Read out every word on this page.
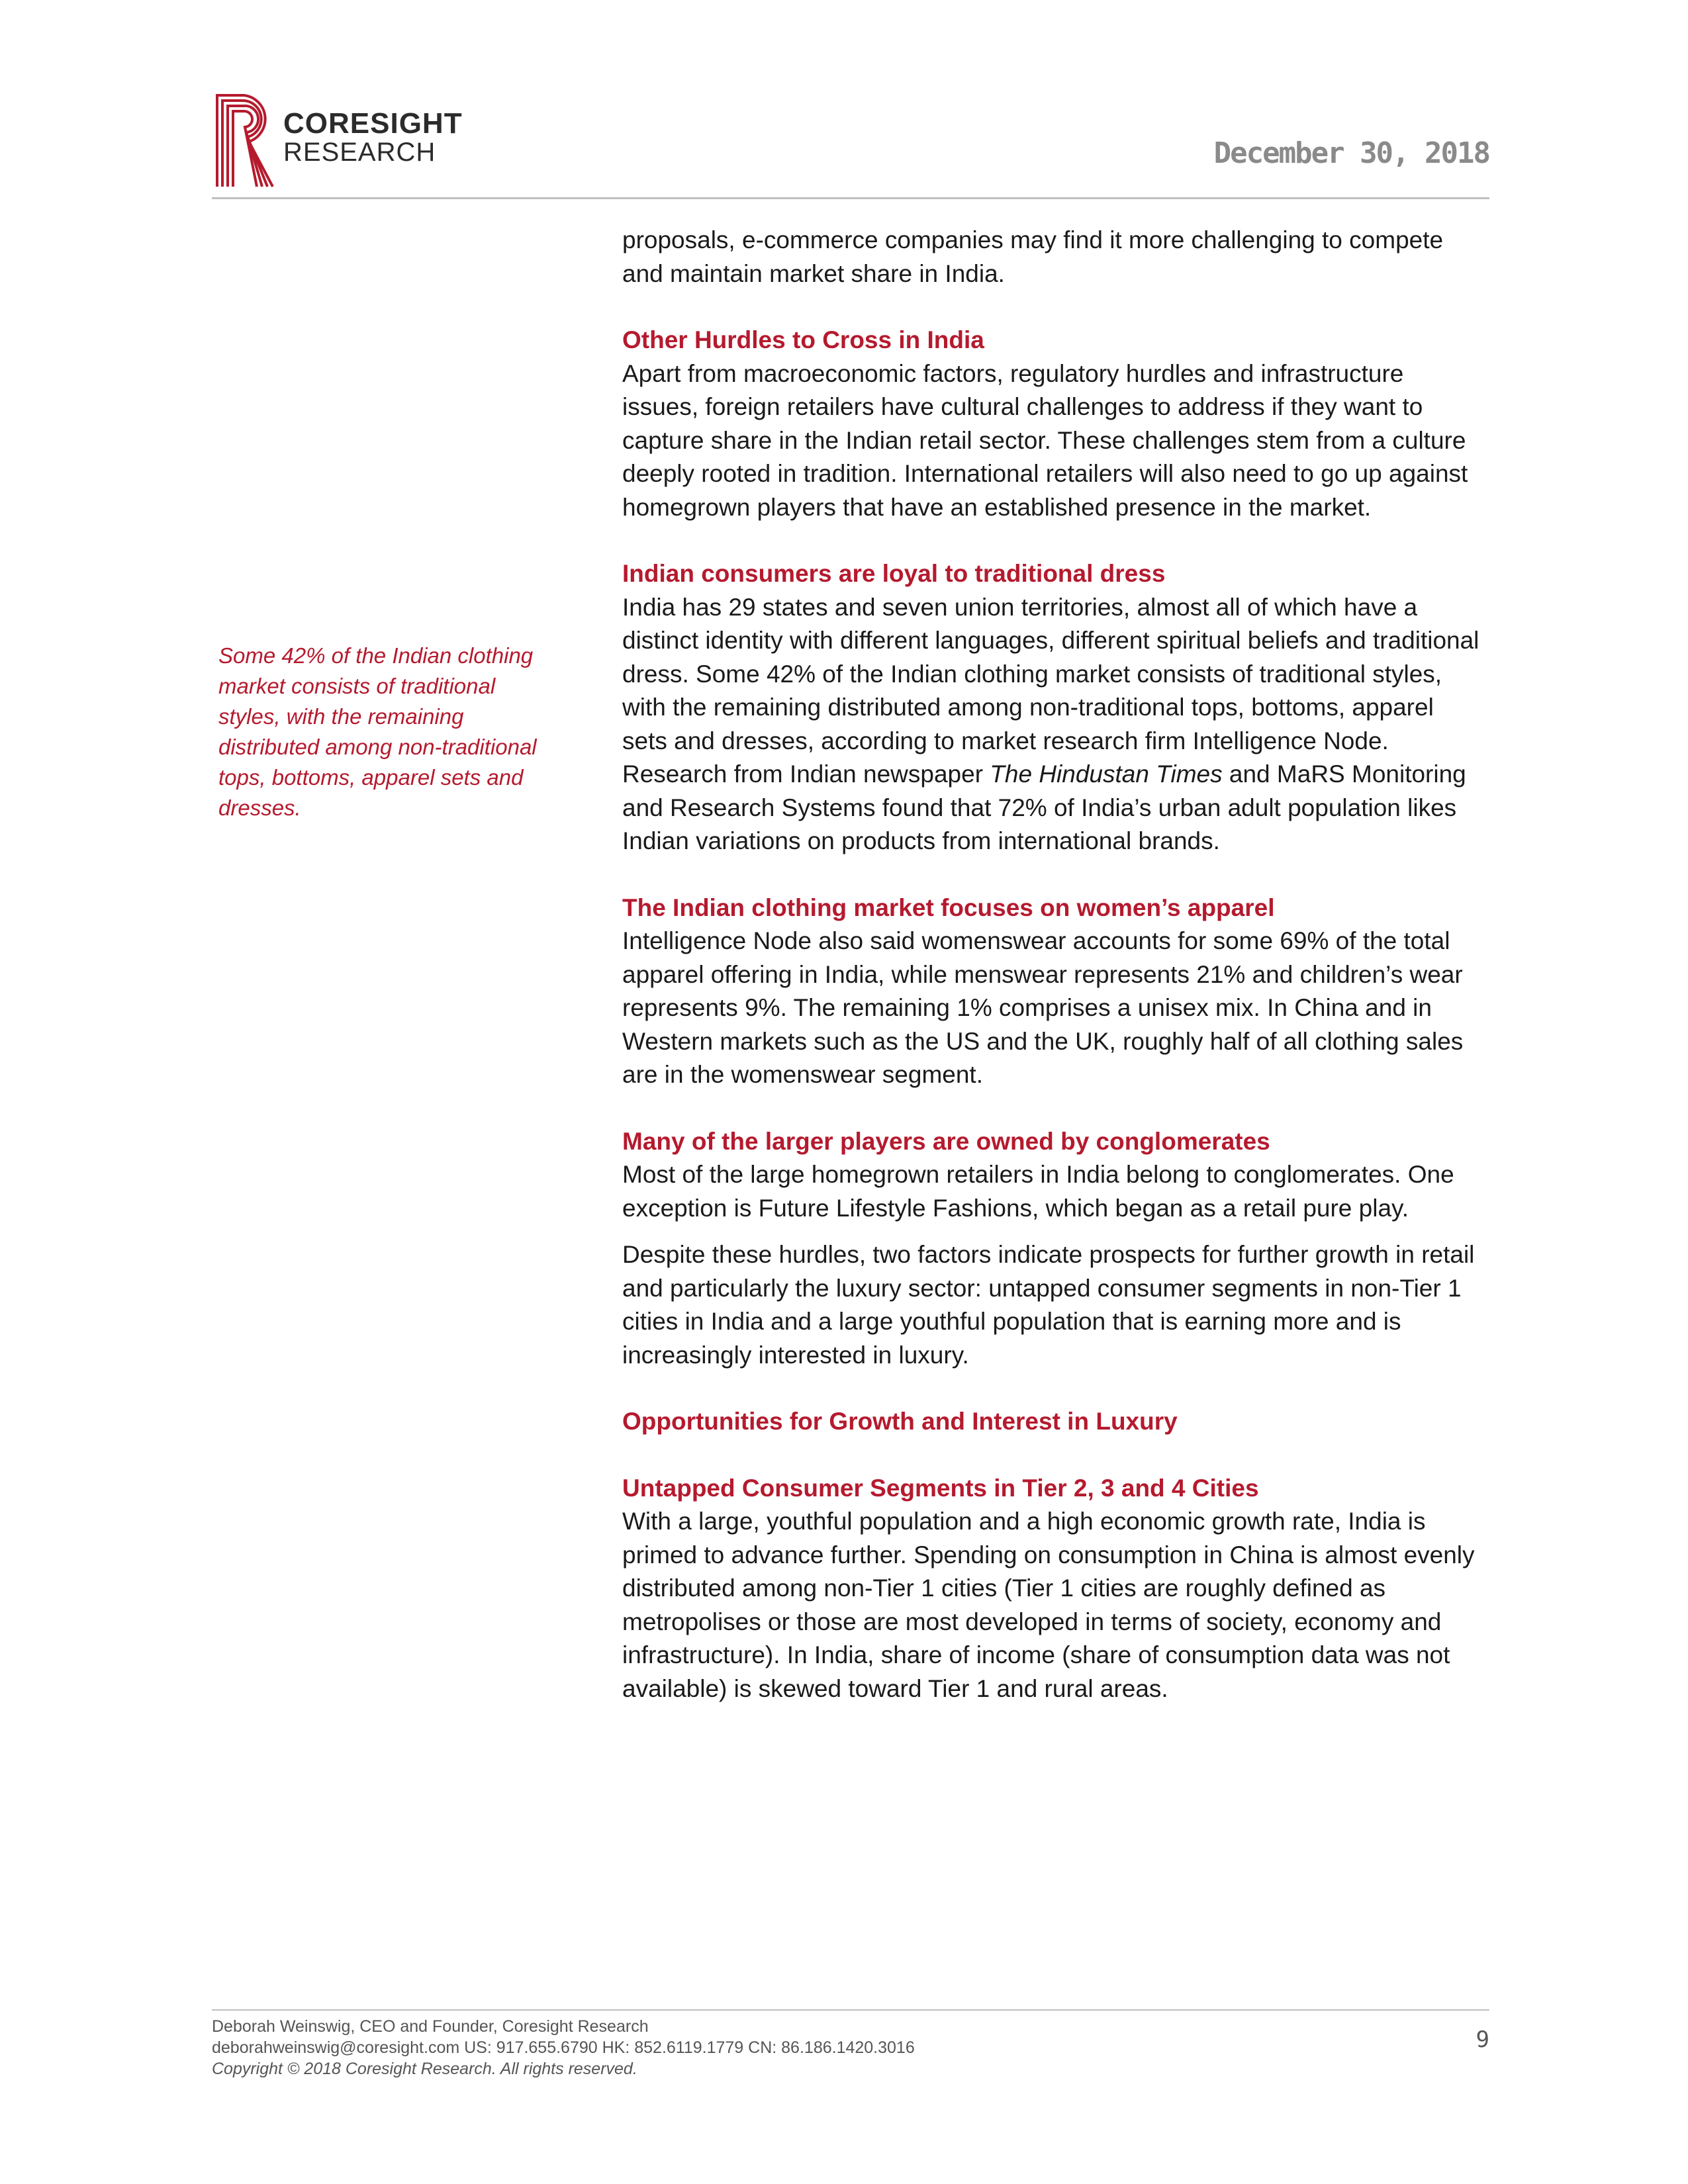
CORESIGHT
RESEARCH	December 30, 2018
Some 42% of the Indian clothing market consists of traditional styles, with the remaining distributed among non-traditional tops, bottoms, apparel sets and dresses.

proposals, e-commerce companies may find it more challenging to compete and maintain market share in India.

Other Hurdles to Cross in India

Apart from macroeconomic factors, regulatory hurdles and infrastructure issues, foreign retailers have cultural challenges to address if they want to capture share in the Indian retail sector. These challenges stem from a culture deeply rooted in tradition. International retailers will also need to go up against homegrown players that have an established presence in the market.

Indian consumers are loyal to traditional dress

India has 29 states and seven union territories, almost all of which have a distinct identity with different languages, different spiritual beliefs and traditional dress. Some 42% of the Indian clothing market consists of traditional styles, with the remaining distributed among non-traditional tops, bottoms, apparel sets and dresses, according to market research firm Intelligence Node. Research from Indian newspaper The Hindustan Times and MaRS Monitoring and Research Systems found that 72% of India’s urban adult population likes Indian variations on products from international brands.

The Indian clothing market focuses on women’s apparel

Intelligence Node also said womenswear accounts for some 69% of the total apparel offering in India, while menswear represents 21% and children’s wear represents 9%. The remaining 1% comprises a unisex mix. In China and in Western markets such as the US and the UK, roughly half of all clothing sales are in the womenswear segment.

Many of the larger players are owned by conglomerates

Most of the large homegrown retailers in India belong to conglomerates. One exception is Future Lifestyle Fashions, which began as a retail pure play.

Despite these hurdles, two factors indicate prospects for further growth in retail and particularly the luxury sector: untapped consumer segments in non-Tier 1 cities in India and a large youthful population that is earning more and is increasingly interested in luxury.

Opportunities for Growth and Interest in Luxury
Untapped Consumer Segments in Tier 2, 3 and 4 Cities

With a large, youthful population and a high economic growth rate, India is primed to advance further. Spending on consumption in China is almost evenly distributed among non-Tier 1 cities (Tier 1 cities are roughly defined as metropolises or those are most developed in terms of society, economy and infrastructure). In India, share of income (share of consumption data was not available) is skewed toward Tier 1 and rural areas.

Deborah Weinswig, CEO and Founder, Coresight Research
deborahweinswig@coresight.com US: 917.655.6790 HK: 852.6119.1779 CN: 86.186.1420.3016
Copyright © 2018 Coresight Research. All rights reserved.
9
